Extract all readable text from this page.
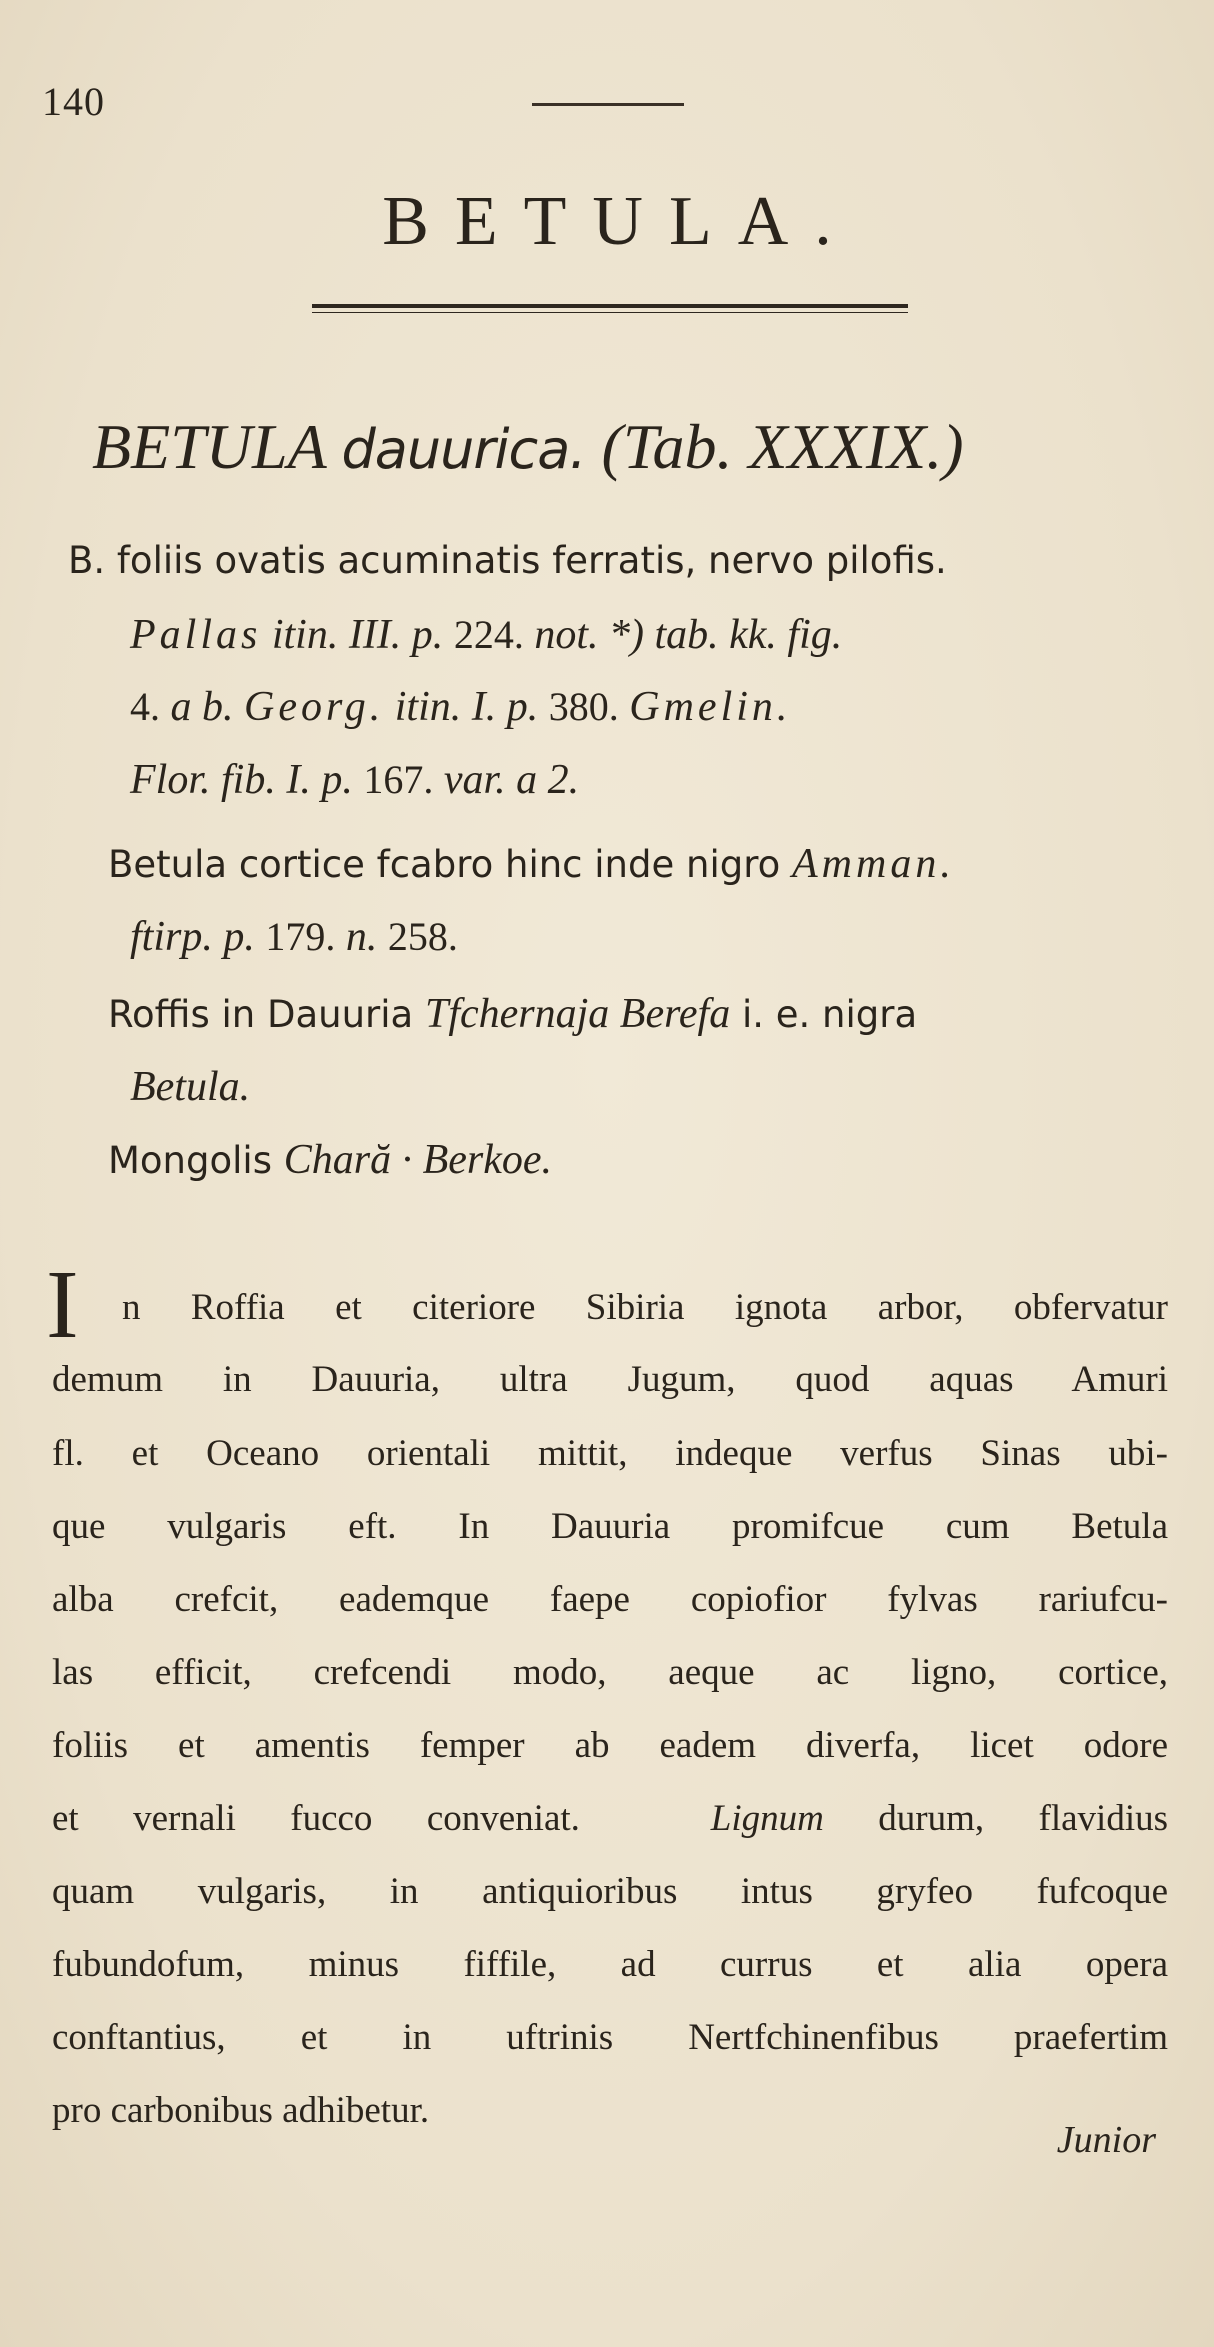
140
BETULA.
BETULA dauurica. (Tab. XXXIX.)
B. foliis ovatis acuminatis ferratis, nervo pilofis.
Pallas itin. III. p. 224. not. *) tab. kk. fig.
4. a b. Georg. itin. I. p. 380. Gmelin.
Flor. fib. I. p. 167. var. a 2.
Betula cortice fcabro hinc inde nigro Amman.
ftirp. p. 179. n. 258.
Roffis in Dauuria Tfchernaja Berefa i. e. nigra
Betula.
Mongolis Chară · Berkoe.
I n Roffia et citeriore Sibiria ignota arbor, obfervatur
demum in Dauuria, ultra Jugum, quod aquas Amuri
fl. et Oceano orientali mittit, indeque verfus Sinas ubi-
que vulgaris eft. In Dauuria promifcue cum Betula
alba crefcit, eademque faepe copiofior fylvas rariufcu-
las efficit, crefcendi modo, aeque ac ligno, cortice,
foliis et amentis femper ab eadem diverfa, licet odore
et vernali fucco conveniat.	Lignum durum, flavidius
quam vulgaris, in antiquioribus intus gryfeo fufcoque
fubundofum, minus fiffile, ad currus et alia opera
conftantius, et in uftrinis Nertfchinenfibus praefertim
pro carbonibus adhibetur.
Junior
